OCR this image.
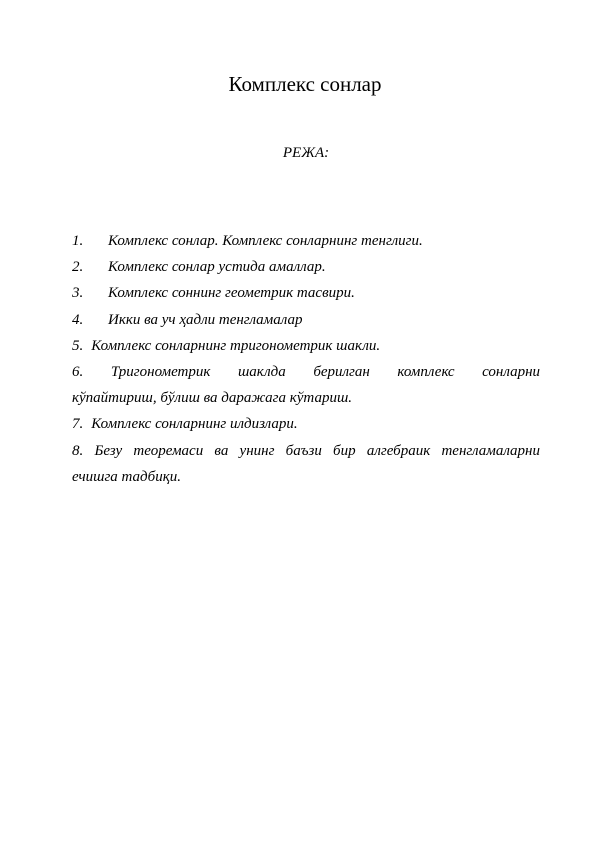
Комплекс сонлар
РЕЖА:
1. Комплекс сонлар. Комплекс сонларнинг тенглиги.
2. Комплекс сонлар устида амаллар.
3. Комплекс соннинг геометрик тасвири.
4. Икки ва уч ҳадли тенгламалар
5. Комплекс сонларнинг тригонометрик шакли.
6. Тригонометрик шаклда берилган комплекс сонларни
кўпайтириш, бўлиш ва даражага кўтариш.
7. Комплекс сонларнинг илдизлари.
8. Безу теоремаси ва унинг баъзи бир алгебраик тенгламаларни
ечишга тадбиқи.
